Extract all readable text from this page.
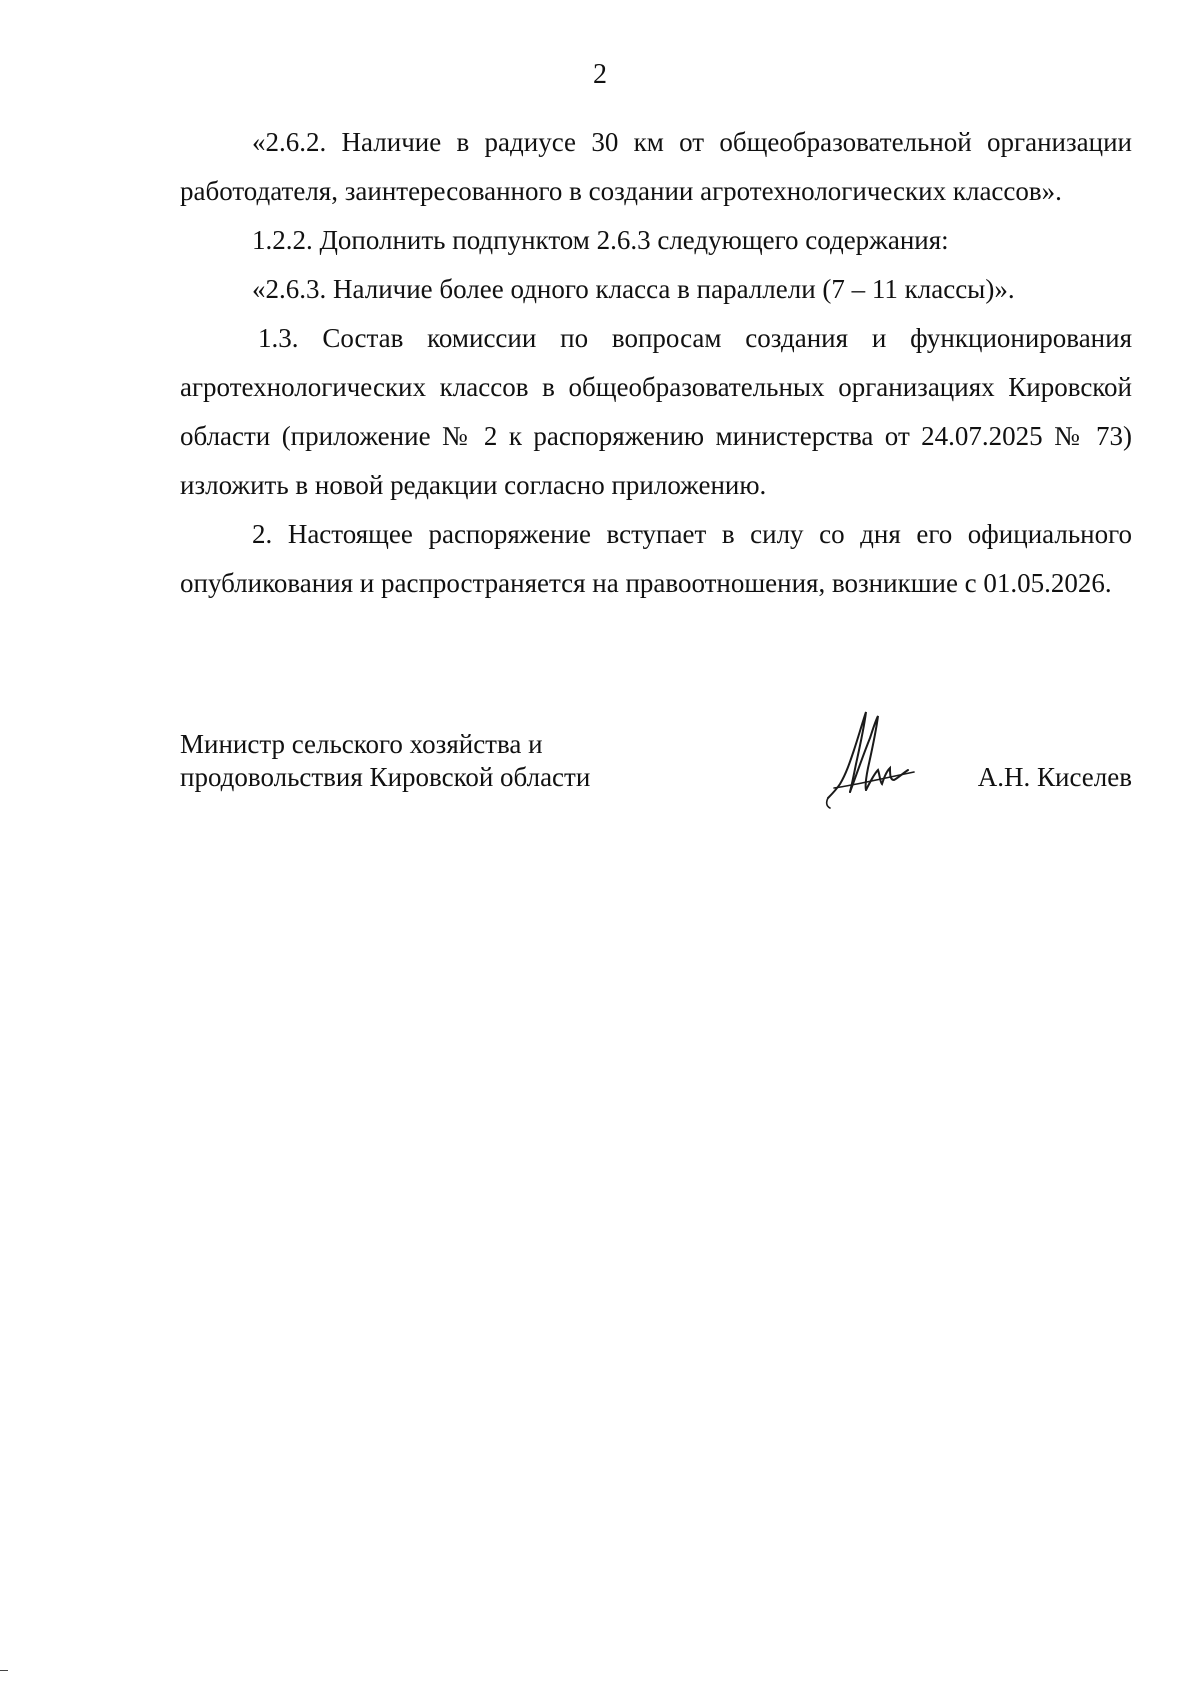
2

«2.6.2. Наличие в радиусе 30 км от общеобразовательной организации работодателя, заинтересованного в создании агротехнологических классов».

1.2.2. Дополнить подпунктом 2.6.3 следующего содержания:

«2.6.3. Наличие более одного класса в параллели (7 – 11 классы)».

1.3. Состав комиссии по вопросам создания и функционирования агротехнологических классов в общеобразовательных организациях Кировской области (приложение № 2 к распоряжению министерства от 24.07.2025 № 73) изложить в новой редакции согласно приложению.

2. Настоящее распоряжение вступает в силу со дня его официального опубликования и распространяется на правоотношения, возникшие с 01.05.2026.

Министр сельского хозяйства и
продовольствия Кировской области	А.Н. Киселев
